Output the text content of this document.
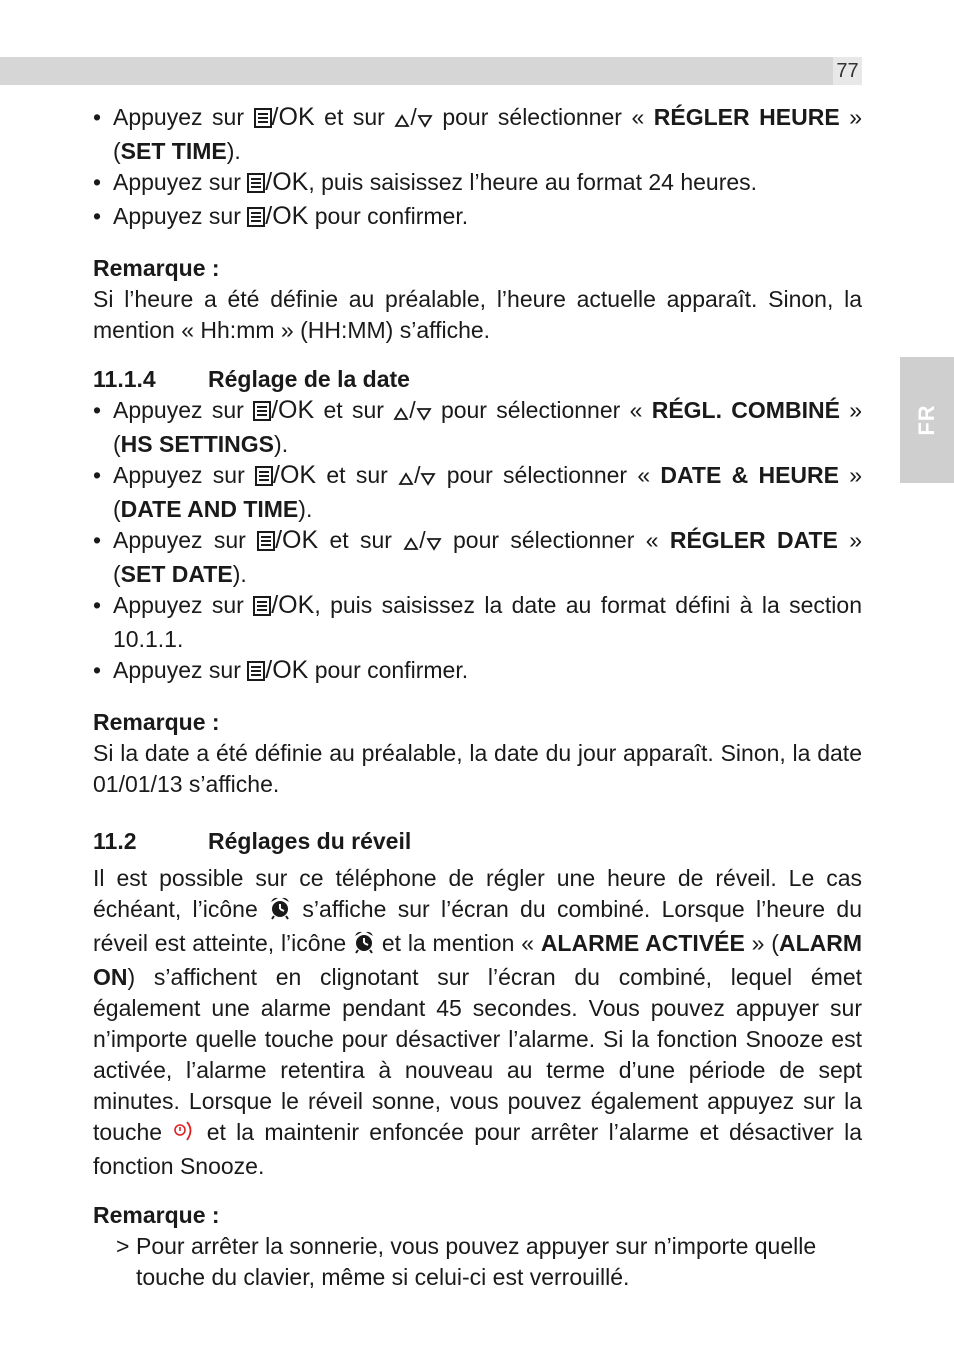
77
FR

• Appuyez sur /OK et sur / pour sélectionner « RÉGLER HEURE » (SET TIME).

• Appuyez sur /OK, puis saisissez l’heure au format 24 heures.

• Appuyez sur /OK pour confirmer.

Remarque :

Si l’heure a été définie au préalable, l’heure actuelle apparaît. Sinon, la mention « Hh:mm » (HH:MM) s’affiche.

11.1.4	Réglage de la date

• Appuyez sur /OK et sur / pour sélectionner « RÉGL. COMBINÉ » (HS SETTINGS).

• Appuyez sur /OK et sur / pour sélectionner « DATE & HEURE » (DATE AND TIME).

• Appuyez sur /OK et sur / pour sélectionner « RÉGLER DATE » (SET DATE).

• Appuyez sur /OK, puis saisissez la date au format défini à la section 10.1.1.

• Appuyez sur /OK pour confirmer.

Remarque :

Si la date a été définie au préalable, la date du jour apparaît. Sinon, la date 01/01/13 s’affiche.

11.2	Réglages du réveil

Il est possible sur ce téléphone de régler une heure de réveil. Le cas échéant, l’icône s’affiche sur l’écran du combiné. Lorsque l’heure du réveil est atteinte, l’icône et la mention « ALARME ACTIVÉE » (ALARM ON) s’affichent en clignotant sur l’écran du combiné, lequel émet également une alarme pendant 45 secondes. Vous pouvez appuyer sur n’importe quelle touche pour désactiver l’alarme. Si la fonction Snooze est activée, l’alarme retentira à nouveau au terme d’une période de sept minutes. Lorsque le réveil sonne, vous pouvez également appuyez sur la touche et la maintenir enfoncée pour arrêter l’alarme et désactiver la fonction Snooze.

Remarque :

> Pour arrêter la sonnerie, vous pouvez appuyer sur n’importe quelle touche du clavier, même si celui-ci est verrouillé.
